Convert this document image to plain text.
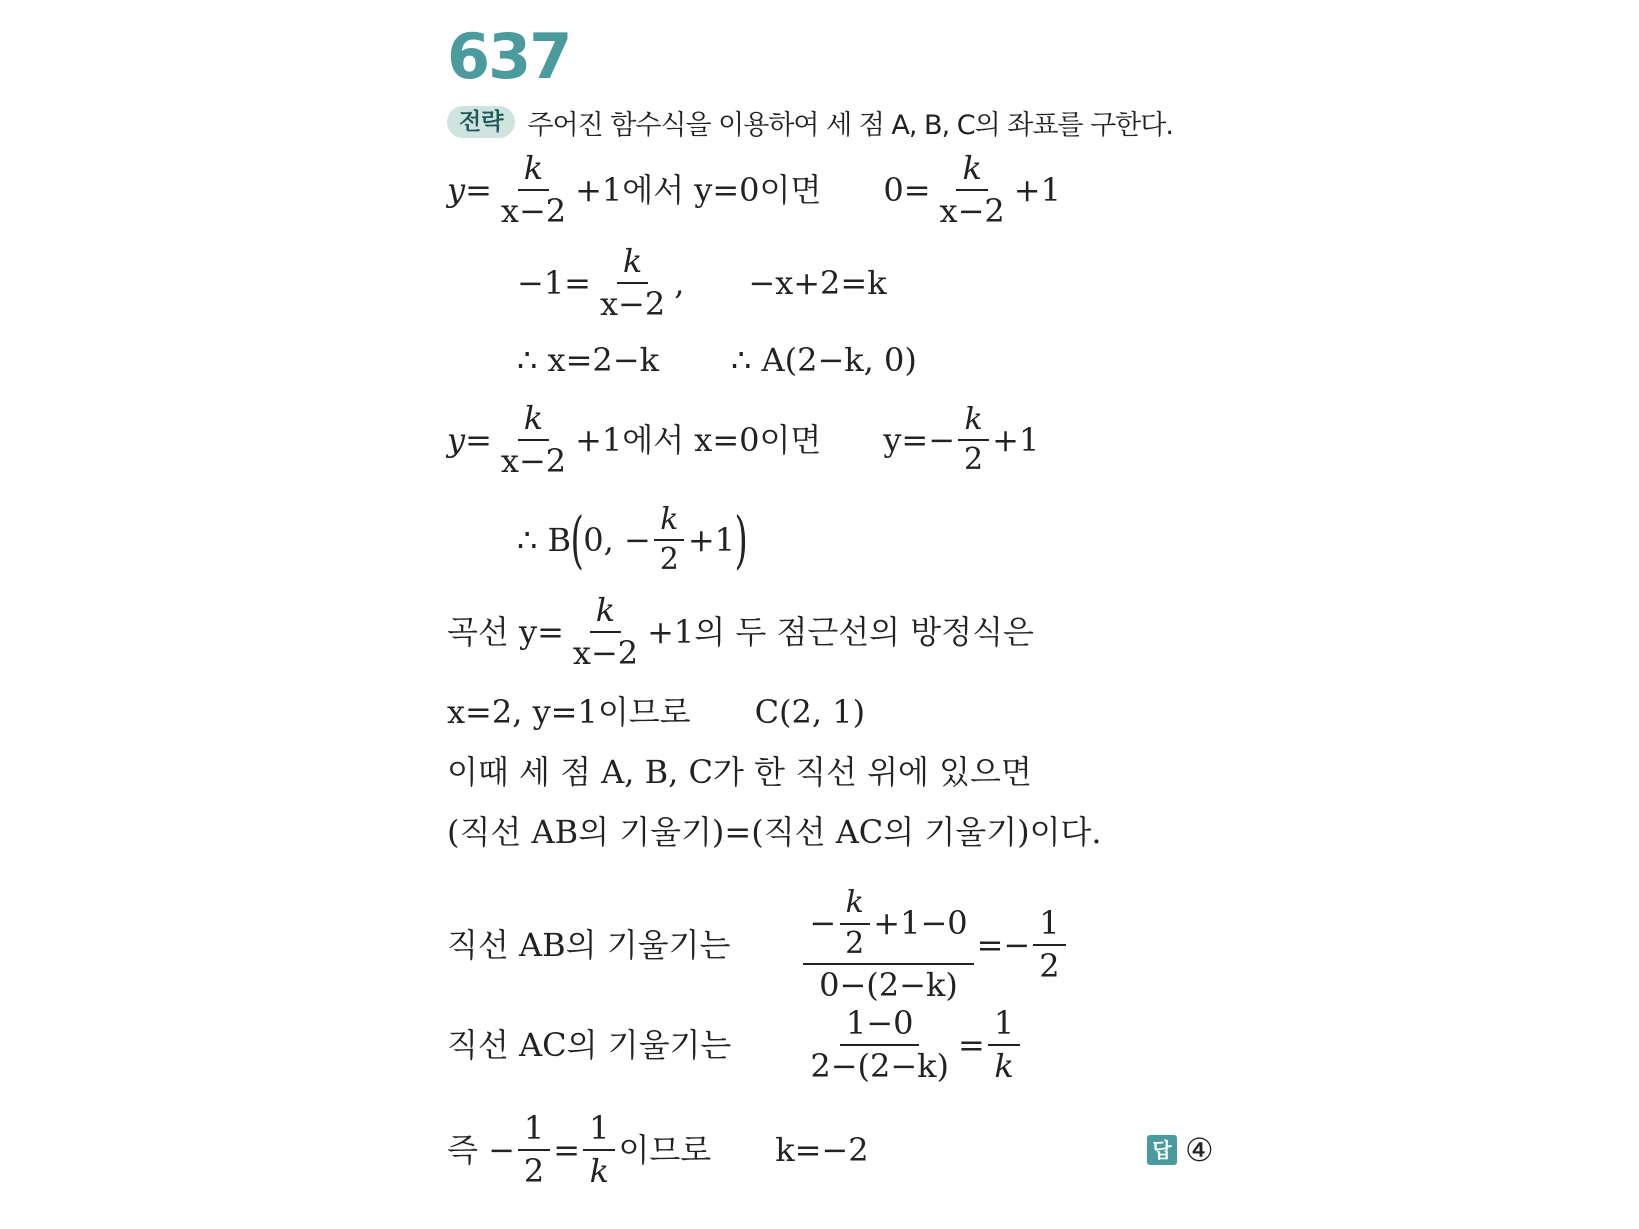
637
전략 주어진 함수식을 이용하여 세 점 A, B, C의 좌표를 구한다.
$y= \frac{k}{x-2} +1$에서 y=0이면 $0= \frac{k}{x-2} +1$
$-1= \frac{k}{x-2}$ , −x+2=k
∴ x=2−k ∴ A(2−k, 0)
$y= \frac{k}{x-2} +1$에서 x=0이면 $y=- \frac{k}{2} +1$
∴ B ( 0, − $\frac{k}{2} +1$ )
곡선 $y= \frac{k}{x-2} +1$의 두 점근선의 방정식은
x=2, y=1이므로 C(2, 1)
이때 세 점 A, B, C가 한 직선 위에 있으면
(직선 AB의 기울기)=(직선 AC의 기울기)이다.
직선 AB의 기울기는 $\frac{- \frac{k}{2} +1-0}{0-(2-k)} =- \frac{1}{2}$
직선 AC의 기울기는 $\frac{1-0}{2-(2-k)} = \frac{1}{k}$
즉 − $\frac{1}{2} = \frac{1}{k}$ 이므로 k=−2	답 ④
